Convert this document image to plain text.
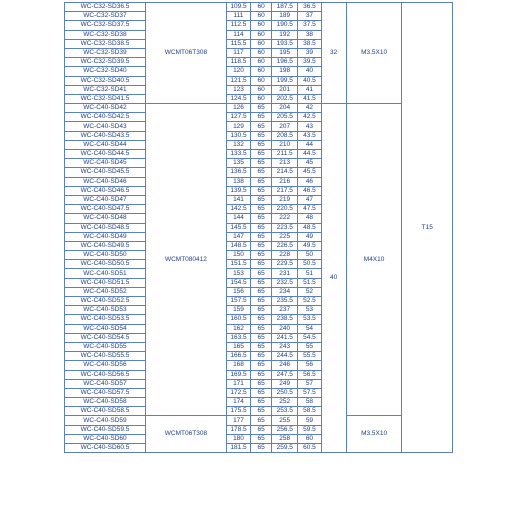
WC-C32-SD36.5	WCMT06T308	109.5	60	187.5	36.5	32	M3.5X10	T15
WC-C32-SD37		111	60	189	37			
WC-C32-SD37.5		112.5	60	190.5	37.5			
WC-C32-SD38		114	60	192	38			
WC-C32-SD38.5		115.5	60	193.5	38.5			
WC-C32-SD39		117	60	195	39			
WC-C32-SD39.5		118.5	60	196.5	39.5			
WC-C32-SD40		120	60	198	40			
WC-C32-SD40.5		121.5	60	199.5	40.5			
WC-C32-SD41		123	60	201	41			
WC-C32-SD41.5		124.5	60	202.5	41.5			
WC-C40-SD42	WCMT080412	126	65	204	42	40	M4X10	
WC-C40-SD42.5		127.5	65	205.5	42.5			
WC-C40-SD43		129	65	207	43			
WC-C40-SD43.5		130.5	65	208.5	43.5			
WC-C40-SD44		132	65	210	44			
WC-C40-SD44.5		133.5	65	211.5	44.5			
WC-C40-SD45		135	65	213	45			
WC-C40-SD45.5		136.5	65	214.5	45.5			
WC-C40-SD46		138	65	216	46			
WC-C40-SD46.5		139.5	65	217.5	46.5			
WC-C40-SD47		141	65	219	47			
WC-C40-SD47.5		142.5	65	220.5	47.5			
WC-C40-SD48		144	65	222	48			
WC-C40-SD48.5		145.5	65	223.5	48.5			
WC-C40-SD49		147	65	225	49			
WC-C40-SD49.5		148.5	65	226.5	49.5			
WC-C40-SD50		150	65	228	50			
WC-C40-SD50.5		151.5	65	229.5	50.5			
WC-C40-SD51		153	65	231	51			
WC-C40-SD51.5		154.5	65	232.5	51.5			
WC-C40-SD52		156	65	234	52			
WC-C40-SD52.5		157.5	65	235.5	52.5			
WC-C40-SD53		159	65	237	53			
WC-C40-SD53.5		160.5	65	238.5	53.5			
WC-C40-SD54		162	65	240	54			
WC-C40-SD54.5		163.5	65	241.5	54.5			
WC-C40-SD55		165	65	243	55			
WC-C40-SD55.5		166.5	65	244.5	55.5			
WC-C40-SD56		168	65	246	56			
WC-C40-SD56.5		169.5	65	247.5	56.5			
WC-C40-SD57		171	65	249	57			
WC-C40-SD57.5		172.5	65	250.5	57.5			
WC-C40-SD58		174	65	252	58			
WC-C40-SD58.5		175.5	65	253.5	58.5			
WC-C40-SD59	WCMT06T308	177	65	255	59		M3.5X10	
WC-C40-SD59.5		178.5	65	256.5	59.5			
WC-C40-SD60		180	65	258	60			
WC-C40-SD60.5		181.5	65	259.5	60.5			
